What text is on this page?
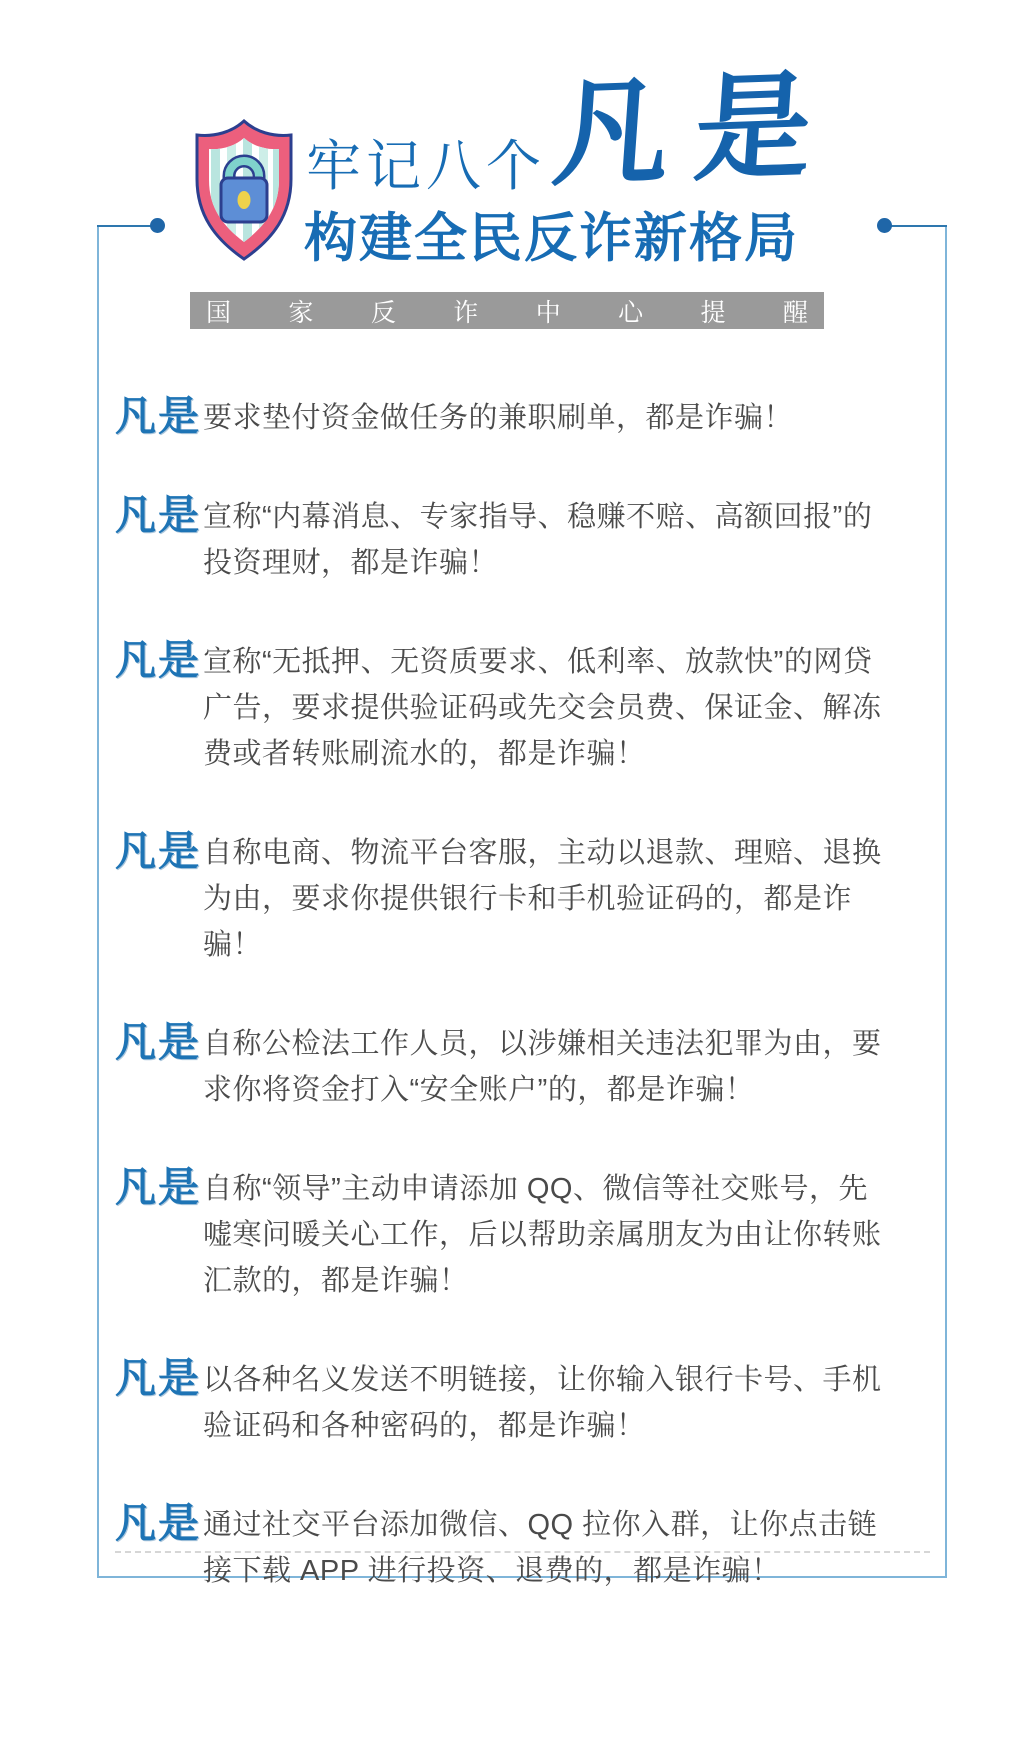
凡是 要求垫付资金做任务的兼职刷单，都是诈骗！

凡是 宣称“内幕消息、专家指导、稳赚不赔、高额回报”的投资理财，都是诈骗！

凡是 宣称“无抵押、无资质要求、低利率、放款快”的网贷广告，要求提供验证码或先交会员费、保证金、解冻费或者转账刷流水的，都是诈骗！

凡是 自称电商、物流平台客服，主动以退款、理赔、退换为由，要求你提供银行卡和手机验证码的，都是诈骗！

凡是 自称公检法工作人员，以涉嫌相关违法犯罪为由，要求你将资金打入“安全账户”的，都是诈骗！

凡是 自称“领导”主动申请添加 QQ、微信等社交账号，先嘘寒问暖关心工作，后以帮助亲属朋友为由让你转账汇款的，都是诈骗！

凡是 以各种名义发送不明链接，让你输入银行卡号、手机验证码和各种密码的，都是诈骗！

凡是 通过社交平台添加微信、QQ 拉你入群，让你点击链接下载 APP 进行投资、退费的，都是诈骗！

牢记八个 凡是
构建全民反诈新格局
国 家 反 诈 中 心 提 醒
